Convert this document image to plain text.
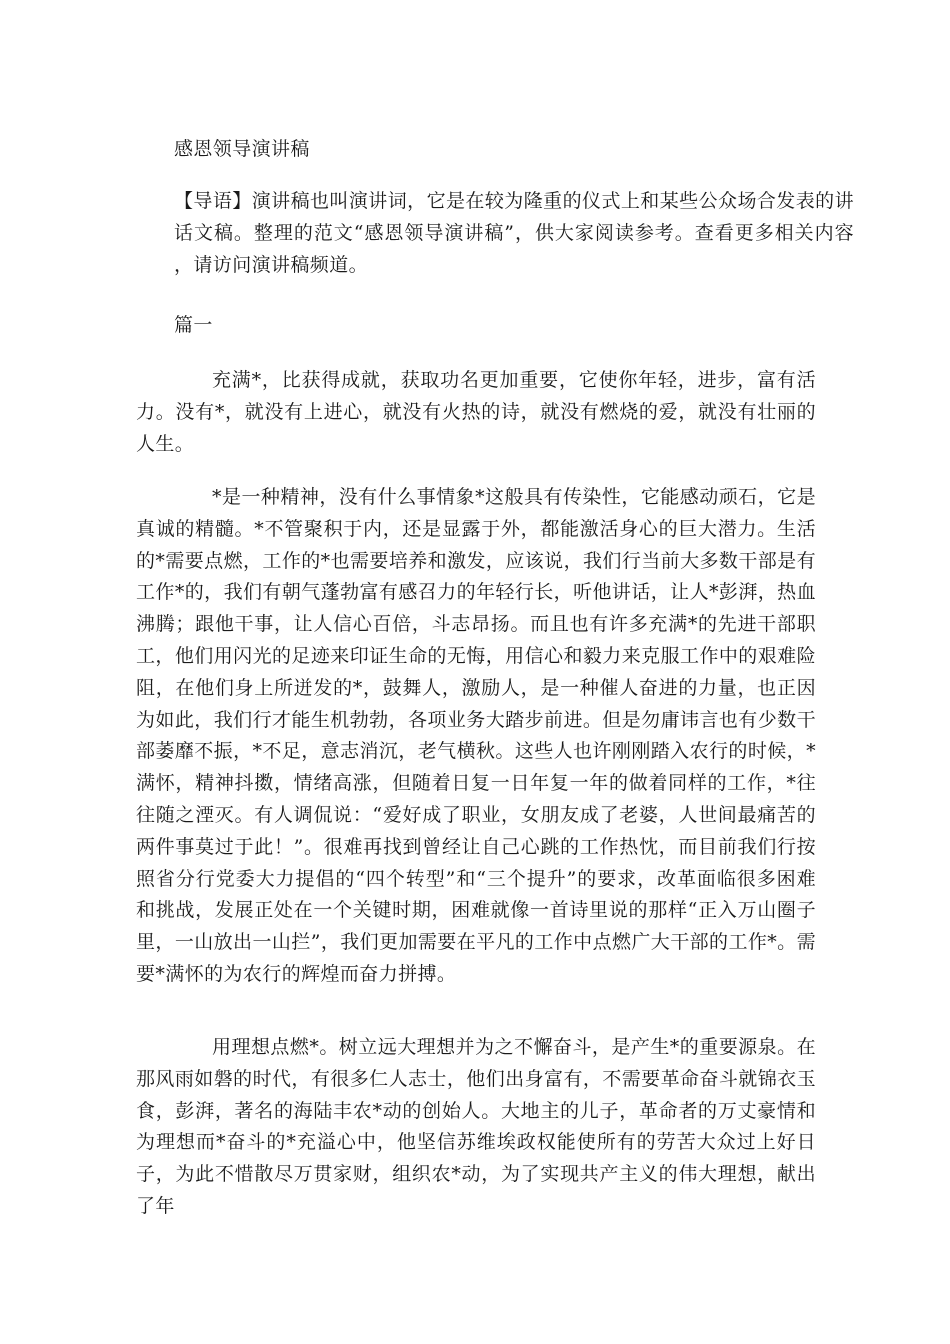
感恩领导演讲稿

【导语】演讲稿也叫演讲词，它是在较为隆重的仪式上和某些公众场合发表的讲话文稿。整理的范文“感恩领导演讲稿”，供大家阅读参考。查看更多相关内容 ，请访问演讲稿频道。

篇一

充满*，比获得成就，获取功名更加重要，它使你年轻，进步，富有活力。没有*，就没有上进心，就没有火热的诗，就没有燃烧的爱，就没有壮丽的人生。

*是一种精神，没有什么事情象*这般具有传染性，它能感动顽石，它是真诚的精髓。*不管聚积于内，还是显露于外，都能激活身心的巨大潜力。生活的*需要点燃，工作的*也需要培养和激发，应该说，我们行当前大多数干部是有工作*的，我们有朝气蓬勃富有感召力的年轻行长，听他讲话，让人*彭湃，热血沸腾；跟他干事，让人信心百倍，斗志昂扬。而且也有许多充满*的先进干部职工，他们用闪光的足迹来印证生命的无悔，用信心和毅力来克服工作中的艰难险阻，在他们身上所迸发的*，鼓舞人，激励人，是一种催人奋进的力量，也正因为如此，我们行才能生机勃勃，各项业务大踏步前进。但是勿庸讳言也有少数干部萎靡不振，*不足，意志消沉，老气横秋。这些人也许刚刚踏入农行的时候，*满怀，精神抖擞，情绪高涨，但随着日复一日年复一年的做着同样的工作，*往往随之湮灭。有人调侃说：“爱好成了职业，女朋友成了老婆，人世间最痛苦的两件事莫过于此！”。很难再找到曾经让自己心跳的工作热忱，而目前我们行按照省分行党委大力提倡的“四个转型”和“三个提升”的要求，改革面临很多困难和挑战，发展正处在一个关键时期，困难就像一首诗里说的那样“正入万山圈子里，一山放出一山拦”，我们更加需要在平凡的工作中点燃广大干部的工作*。需要*满怀的为农行的辉煌而奋力拼搏。

用理想点燃*。树立远大理想并为之不懈奋斗，是产生*的重要源泉。在那风雨如磐的时代，有很多仁人志士，他们出身富有，不需要革命奋斗就锦衣玉食，彭湃，著名的海陆丰农*动的创始人。大地主的儿子，革命者的万丈豪情和为理想而*奋斗的*充溢心中，他坚信苏维埃政权能使所有的劳苦大众过上好日子，为此不惜散尽万贯家财，组织农*动，为了实现共产主义的伟大理想，献出了年
